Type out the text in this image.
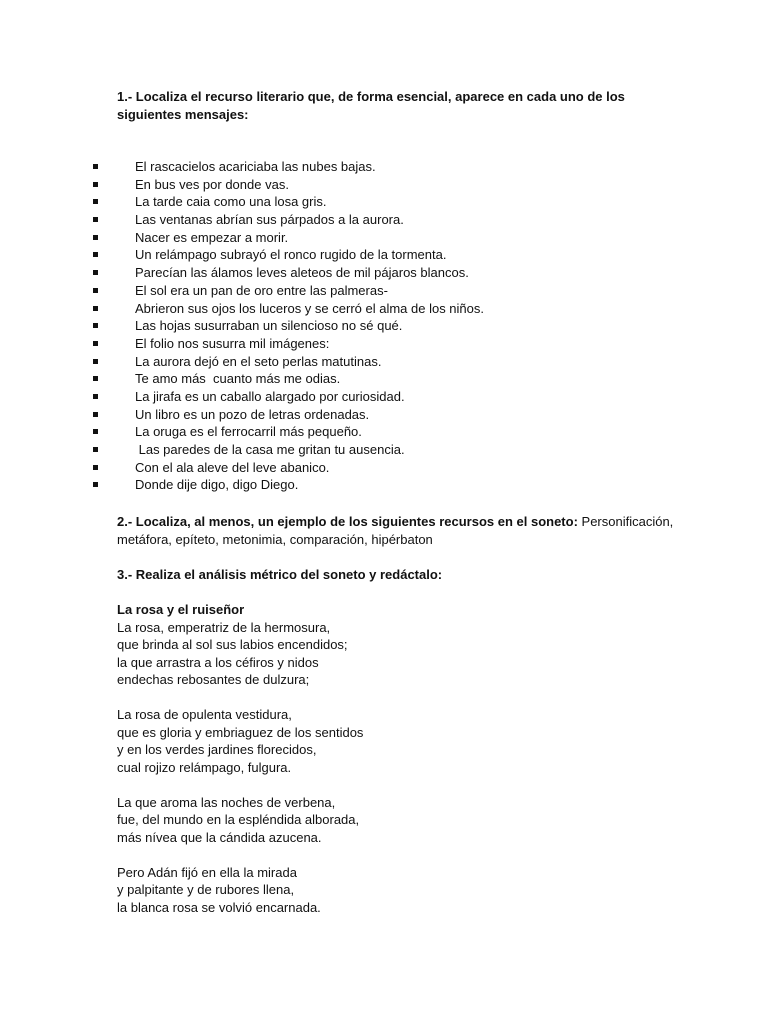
1.- Localiza el recurso literario que, de forma esencial, aparece en cada uno de los siguientes mensajes:
El rascacielos acariciaba las nubes bajas.
En bus ves por donde vas.
La tarde caia como una losa gris.
Las ventanas abrían sus párpados a la aurora.
Nacer es empezar a morir.
Un relámpago subrayó el ronco rugido de la tormenta.
Parecían las álamos leves aleteos de mil pájaros blancos.
El sol era un pan de oro entre las palmeras-
Abrieron sus ojos los luceros y se cerró el alma de los niños.
Las hojas susurraban un silencioso no sé qué.
El folio nos susurra mil imágenes:
La aurora dejó en el seto perlas matutinas.
Te amo más  cuanto más me odias.
La jirafa es un caballo alargado por curiosidad.
Un libro es un pozo de letras ordenadas.
La oruga es el ferrocarril más pequeño.
Las paredes de la casa me gritan tu ausencia.
Con el ala aleve del leve abanico.
Donde dije digo, digo Diego.
2.- Localiza, al menos, un ejemplo de los siguientes recursos en el soneto: Personificación, metáfora, epíteto, metonimia, comparación, hipérbaton
3.- Realiza el análisis métrico del soneto y redáctalo:
La rosa y el ruiseñor
La rosa, emperatriz de la hermosura,
que brinda al sol sus labios encendidos;
la que arrastra a los céfiros y nidos
endechas rebosantes de dulzura;
La rosa de opulenta vestidura,
que es gloria y embriaguez de los sentidos
y en los verdes jardines florecidos,
cual rojizo relámpago, fulgura.
La que aroma las noches de verbena,
fue, del mundo en la espléndida alborada,
más nívea que la cándida azucena.
Pero Adán fijó en ella la mirada
y palpitante y de rubores llena,
la blanca rosa se volvió encarnada.
